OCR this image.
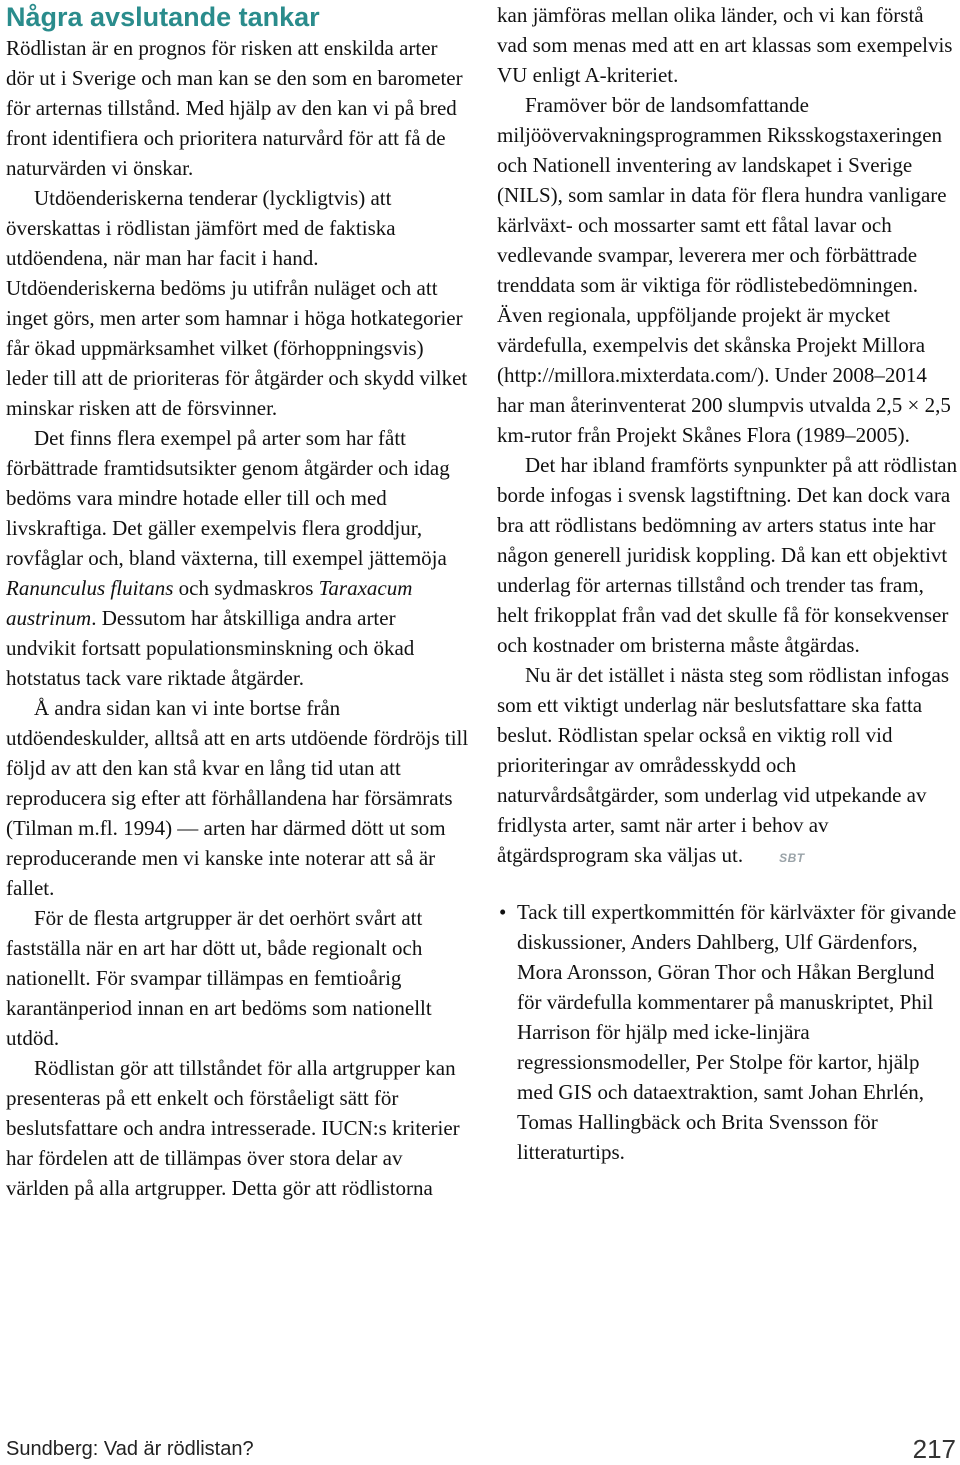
Några avslutande tankar

Rödlistan är en prognos för risken att enskilda arter dör ut i Sverige och man kan se den som en barometer för arternas tillstånd. Med hjälp av den kan vi på bred front identifiera och prioritera naturvård för att få de naturvärden vi önskar.

Utdöenderiskerna tenderar (lyckligtvis) att överskattas i rödlistan jämfört med de faktiska utdöendena, när man har facit i hand. Utdöenderiskerna bedöms ju utifrån nuläget och att inget görs, men arter som hamnar i höga hotkategorier får ökad uppmärksamhet vilket (förhoppningsvis) leder till att de prioriteras för åtgärder och skydd vilket minskar risken att de försvinner.

Det finns flera exempel på arter som har fått förbättrade framtidsutsikter genom åtgärder och idag bedöms vara mindre hotade eller till och med livskraftiga. Det gäller exempelvis flera groddjur, rovfåglar och, bland växterna, till exempel jättemöja Ranunculus fluitans och sydmaskros Taraxacum austrinum. Dessutom har åtskilliga andra arter undvikit fortsatt populationsminskning och ökad hotstatus tack vare riktade åtgärder.

Å andra sidan kan vi inte bortse från utdöendeskulder, alltså att en arts utdöende fördröjs till följd av att den kan stå kvar en lång tid utan att reproducera sig efter att förhållandena har försämrats (Tilman m.fl. 1994) — arten har därmed dött ut som reproducerande men vi kanske inte noterar att så är fallet.

För de flesta artgrupper är det oerhört svårt att fastställa när en art har dött ut, både regionalt och nationellt. För svampar tillämpas en femtioårig karantänperiod innan en art bedöms som nationellt utdöd.

Rödlistan gör att tillståndet för alla artgrupper kan presenteras på ett enkelt och förståeligt sätt för beslutsfattare och andra intresserade. IUCN:s kriterier har fördelen att de tillämpas över stora delar av världen på alla artgrupper. Detta gör att rödlistorna

kan jämföras mellan olika länder, och vi kan förstå vad som menas med att en art klassas som exempelvis VU enligt A-kriteriet.

Framöver bör de landsomfattande miljöövervakningsprogrammen Riksskogstaxeringen och Nationell inventering av landskapet i Sverige (NILS), som samlar in data för flera hundra vanligare kärlväxt- och mossarter samt ett fåtal lavar och vedlevande svampar, leverera mer och förbättrade trenddata som är viktiga för rödlistebedömningen. Även regionala, uppföljande projekt är mycket värdefulla, exempelvis det skånska Projekt Millora (http://millora.mixterdata.com/). Under 2008–2014 har man återinventerat 200 slumpvis utvalda 2,5 × 2,5 km-rutor från Projekt Skånes Flora (1989–2005).

Det har ibland framförts synpunkter på att rödlistan borde infogas i svensk lagstiftning. Det kan dock vara bra att rödlistans bedömning av arters status inte har någon generell juridisk koppling. Då kan ett objektivt underlag för arternas tillstånd och trender tas fram, helt frikopplat från vad det skulle få för konsekvenser och kostnader om bristerna måste åtgärdas.

Nu är det istället i nästa steg som rödlistan infogas som ett viktigt underlag när beslutsfattare ska fatta beslut. Rödlistan spelar också en viktig roll vid prioriteringar av områdesskydd och naturvårdsåtgärder, som underlag vid utpekande av fridlysta arter, samt när arter i behov av åtgärdsprogram ska väljas ut.	SBT

• Tack till expertkommittén för kärlväxter för givande diskussioner, Anders Dahlberg, Ulf Gärdenfors, Mora Aronsson, Göran Thor och Håkan Berglund för värdefulla kommentarer på manuskriptet, Phil Harrison för hjälp med icke-linjära regressionsmodeller, Per Stolpe för kartor, hjälp med GIS och dataextraktion, samt Johan Ehrlén, Tomas Hallingbäck och Brita Svensson för litteraturtips.
Sundberg: Vad är rödlistan?	217
